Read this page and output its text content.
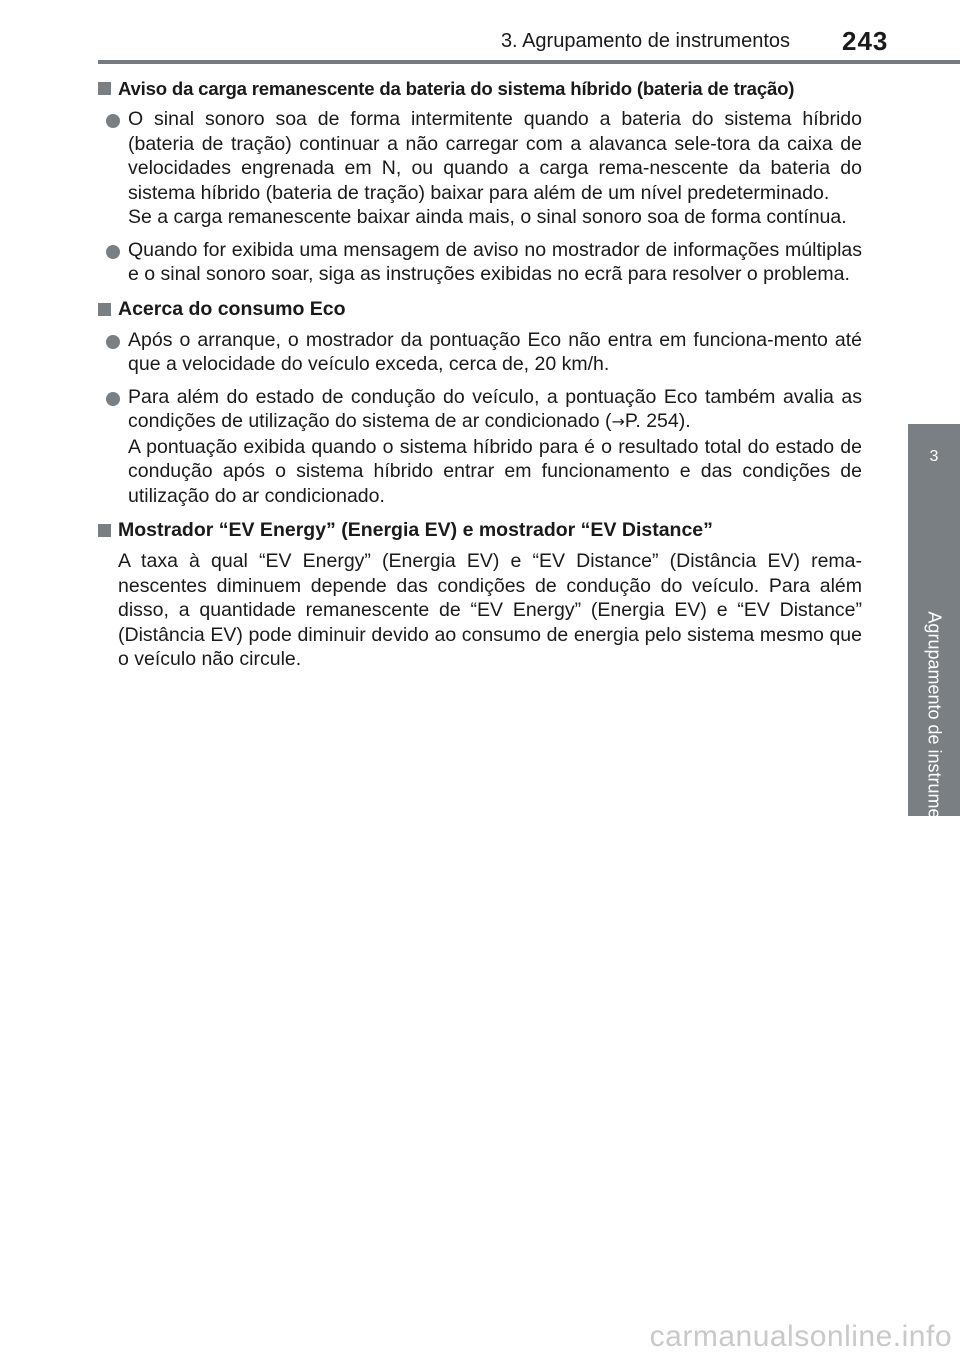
3. Agrupamento de instrumentos 243
3
Agrupamento de instrumentos
Aviso da carga remanescente da bateria do sistema híbrido (bateria de tração)
O sinal sonoro soa de forma intermitente quando a bateria do sistema híbrido (bateria de tração) continuar a não carregar com a alavanca sele-tora da caixa de velocidades engrenada em N, ou quando a carga rema-nescente da bateria do sistema híbrido (bateria de tração) baixar para além de um nível predeterminado.
Se a carga remanescente baixar ainda mais, o sinal sonoro soa de forma contínua.
Quando for exibida uma mensagem de aviso no mostrador de informações múltiplas e o sinal sonoro soar, siga as instruções exibidas no ecrã para resolver o problema.
Acerca do consumo Eco
Após o arranque, o mostrador da pontuação Eco não entra em funciona-mento até que a velocidade do veículo exceda, cerca de, 20 km/h.
Para além do estado de condução do veículo, a pontuação Eco também avalia as condições de utilização do sistema de ar condicionado (→P. 254).
A pontuação exibida quando o sistema híbrido para é o resultado total do estado de condução após o sistema híbrido entrar em funcionamento e das condições de utilização do ar condicionado.
Mostrador “EV Energy” (Energia EV) e mostrador “EV Distance”
A taxa à qual “EV Energy” (Energia EV) e “EV Distance” (Distância EV) rema-nescentes diminuem depende das condições de condução do veículo. Para além disso, a quantidade remanescente de “EV Energy” (Energia EV) e “EV Distance” (Distância EV) pode diminuir devido ao consumo de energia pelo sistema mesmo que o veículo não circule.
carmanualsonline.info
